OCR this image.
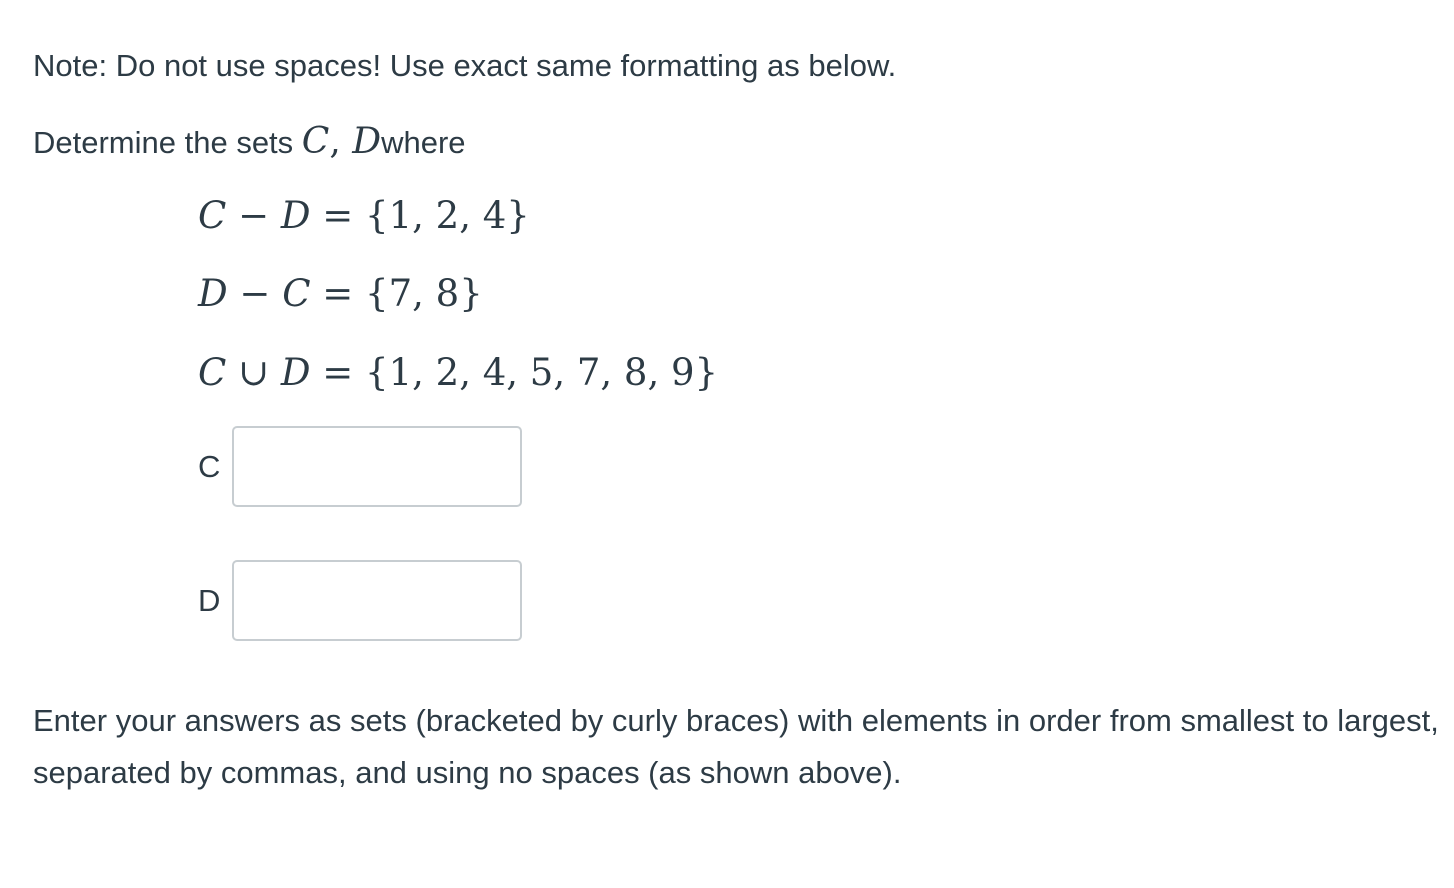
Note: Do not use spaces! Use exact same formatting as below.
Determine the sets C, Dwhere
C − D = {1, 2, 4}
D − C = {7, 8}
C ∪ D = {1, 2, 4, 5, 7, 8, 9}
C
D
Enter your answers as sets (bracketed by curly braces) with elements in order from smallest to largest, separated by commas, and using no spaces (as shown above).
